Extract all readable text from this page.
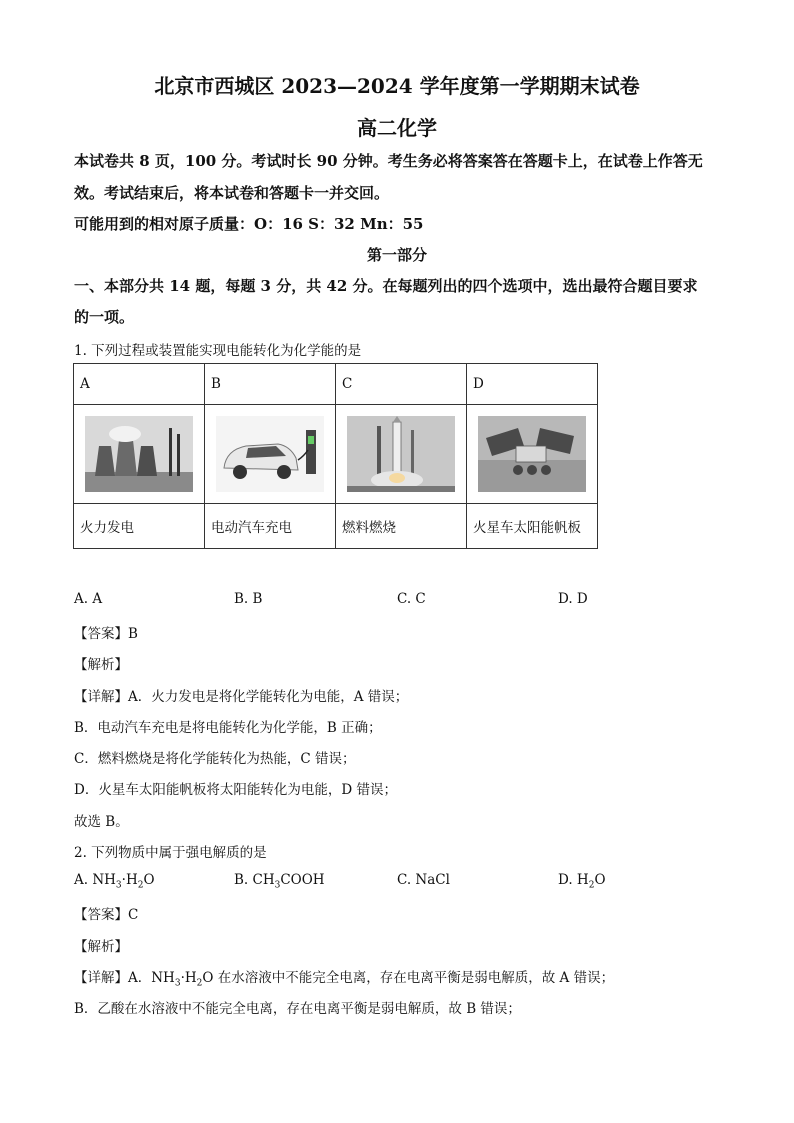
北京市西城区 2023—2024 学年度第一学期期末试卷
高二化学
本试卷共 8 页，100 分。考试时长 90 分钟。考生务必将答案答在答题卡上，在试卷上作答无
效。考试结束后，将本试卷和答题卡一并交回。
可能用到的相对原子质量：O：16 S：32 Mn：55
第一部分
一、本部分共 14 题，每题 3 分，共 42 分。在每题列出的四个选项中，选出最符合题目要求
的一项。
1. 下列过程或装置能实现电能转化为化学能的是
A	B	C	D

火力发电	电动汽车充电	燃料燃烧	火星车太阳能帆板
A. A	B. B	C. C	D. D
【答案】B
【解析】
【详解】A．火力发电是将化学能转化为电能，A 错误；
B．电动汽车充电是将电能转化为化学能，B 正确；
C．燃料燃烧是将化学能转化为热能，C 错误；
D．火星车太阳能帆板将太阳能转化为电能，D 错误；
故选 B。
2. 下列物质中属于强电解质的是
A. $NH_3\cdot H_2O$	B. $CH_3COOH$	C. NaCl	D. $H_2O$
【答案】C
【解析】
【详解】A．$NH_3\cdot H_2O$ 在水溶液中不能完全电离，存在电离平衡是弱电解质，故 A 错误；
B．乙酸在水溶液中不能完全电离，存在电离平衡是弱电解质，故 B 错误；
